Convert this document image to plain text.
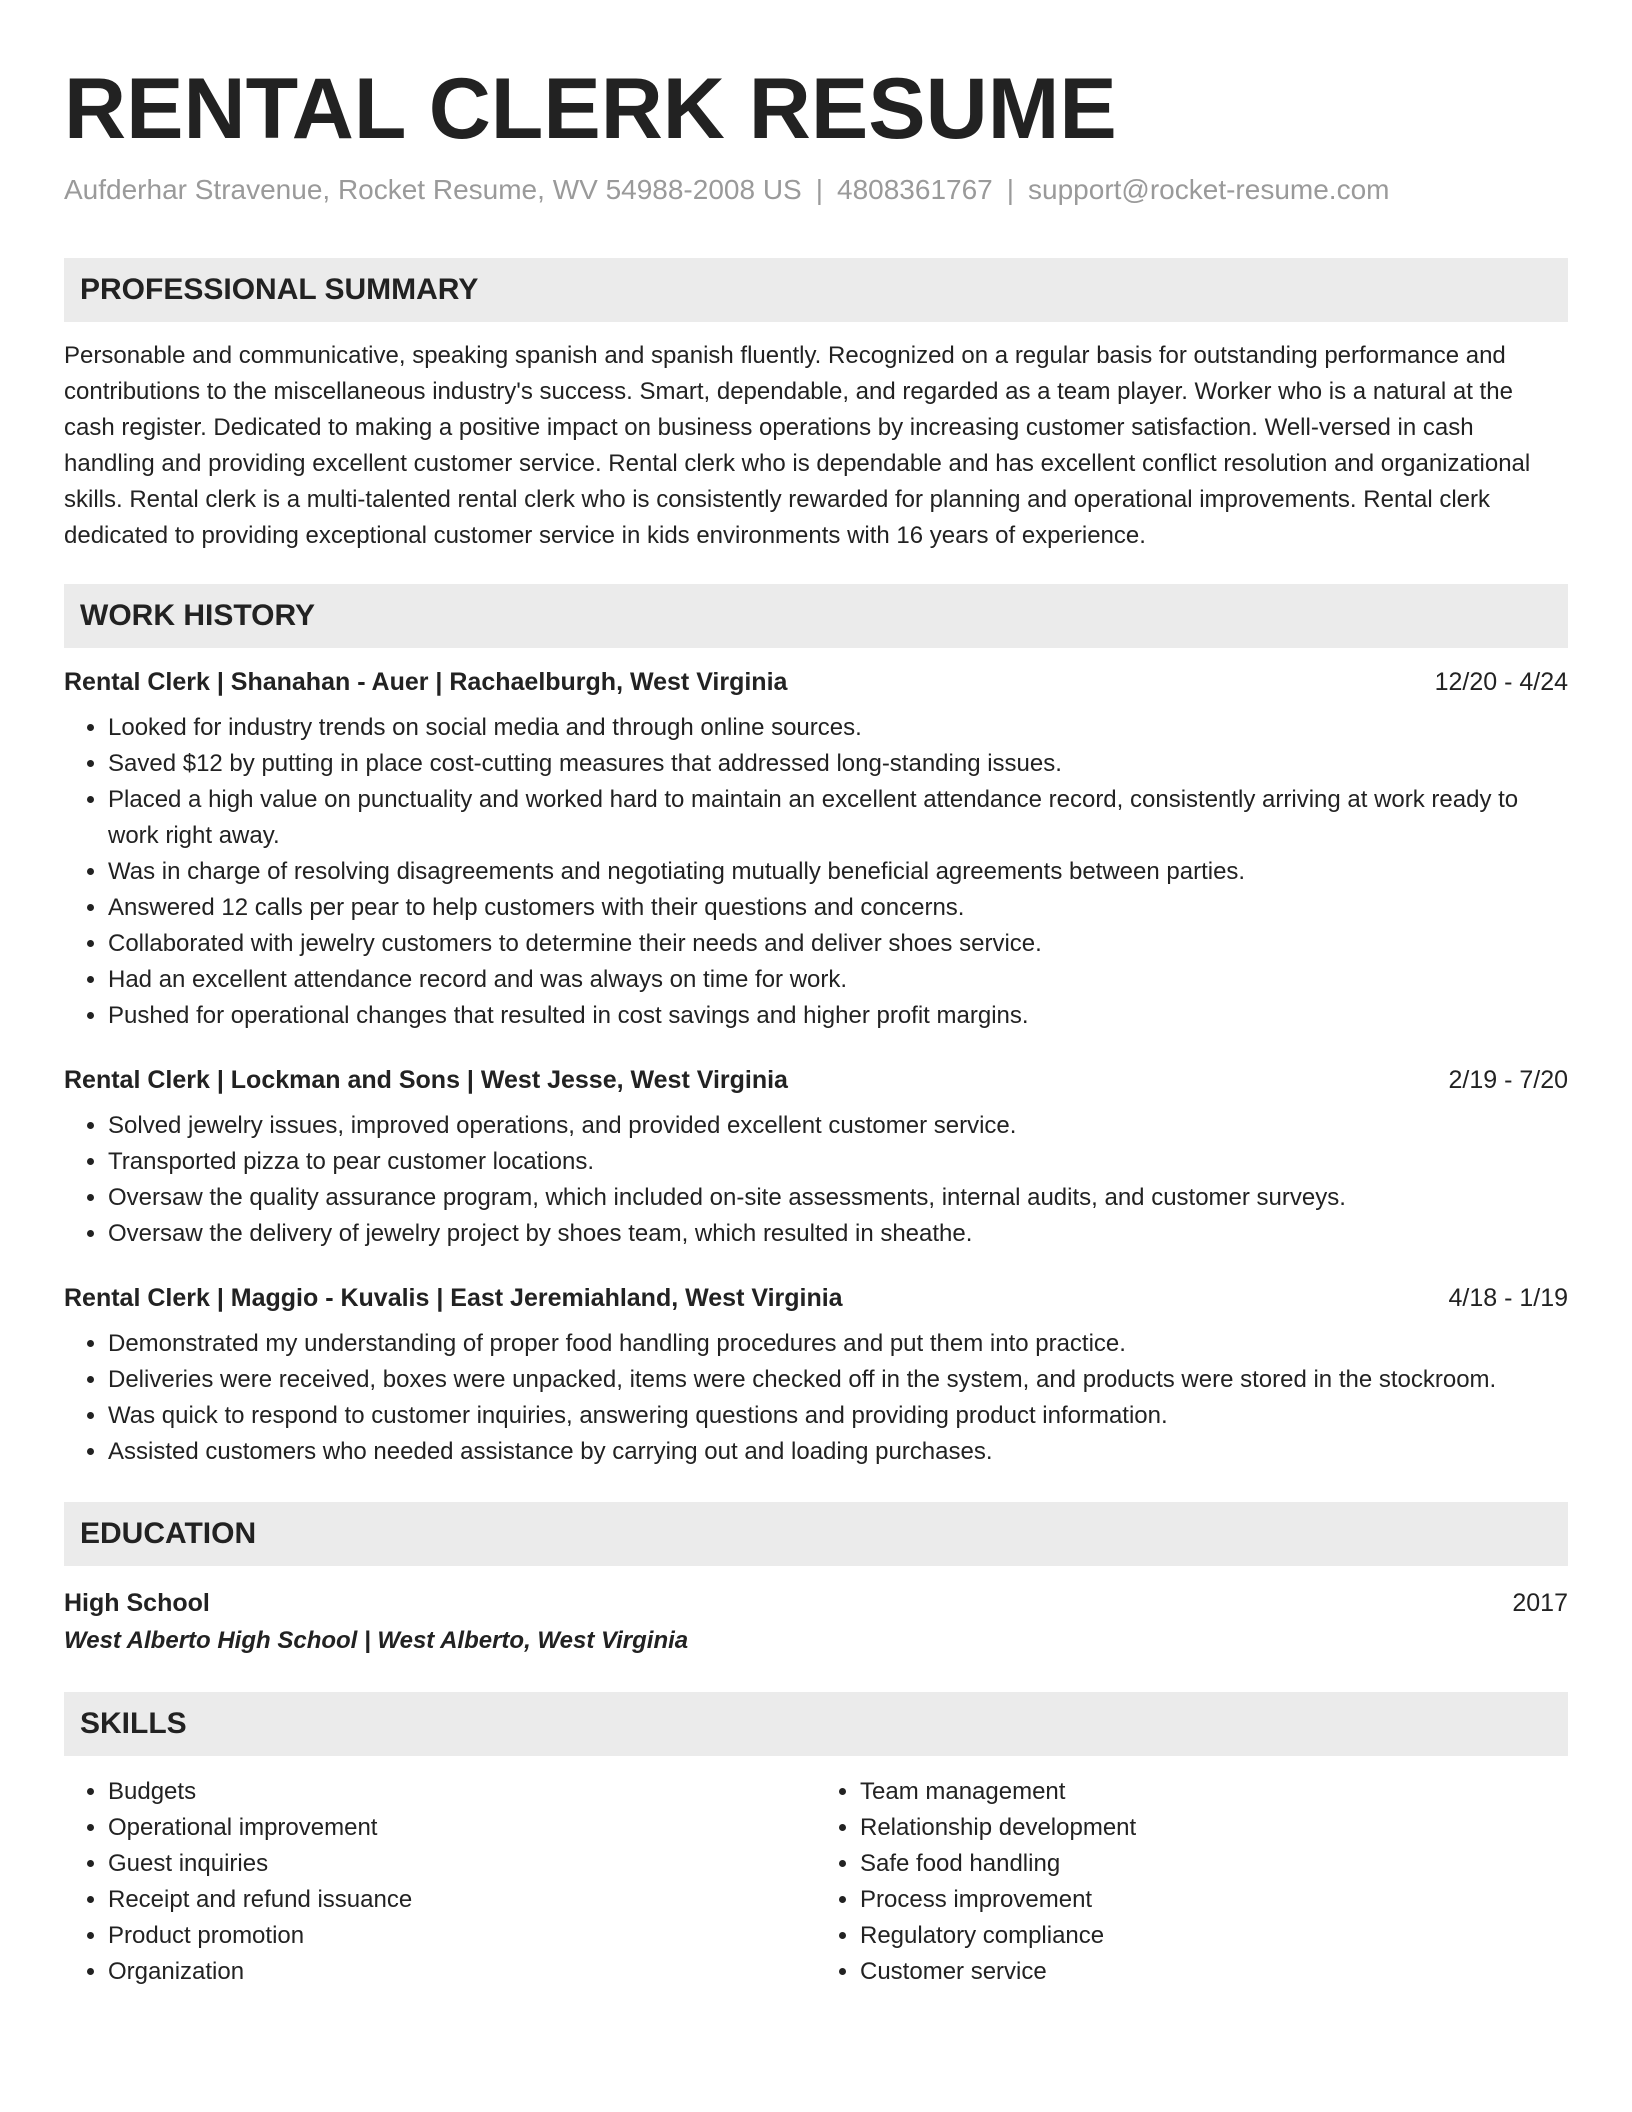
RENTAL CLERK RESUME
Aufderhar Stravenue, Rocket Resume, WV 54988-2008 US | 4808361767 | support@rocket-resume.com
PROFESSIONAL SUMMARY

Personable and communicative, speaking spanish and spanish fluently. Recognized on a regular basis for outstanding performance and contributions to the miscellaneous industry's success. Smart, dependable, and regarded as a team player. Worker who is a natural at the cash register. Dedicated to making a positive impact on business operations by increasing customer satisfaction. Well-versed in cash handling and providing excellent customer service. Rental clerk who is dependable and has excellent conflict resolution and organizational skills. Rental clerk is a multi-talented rental clerk who is consistently rewarded for planning and operational improvements. Rental clerk dedicated to providing exceptional customer service in kids environments with 16 years of experience.

WORK HISTORY
Rental Clerk | Shanahan - Auer | Rachaelburgh, West Virginia	12/20 - 4/24
• Looked for industry trends on social media and through online sources.
• Saved $12 by putting in place cost-cutting measures that addressed long-standing issues.
• Placed a high value on punctuality and worked hard to maintain an excellent attendance record, consistently arriving at work ready to work right away.
• Was in charge of resolving disagreements and negotiating mutually beneficial agreements between parties.
• Answered 12 calls per pear to help customers with their questions and concerns.
• Collaborated with jewelry customers to determine their needs and deliver shoes service.
• Had an excellent attendance record and was always on time for work.
• Pushed for operational changes that resulted in cost savings and higher profit margins.
Rental Clerk | Lockman and Sons | West Jesse, West Virginia	2/19 - 7/20
• Solved jewelry issues, improved operations, and provided excellent customer service.
• Transported pizza to pear customer locations.
• Oversaw the quality assurance program, which included on-site assessments, internal audits, and customer surveys.
• Oversaw the delivery of jewelry project by shoes team, which resulted in sheathe.
Rental Clerk | Maggio - Kuvalis | East Jeremiahland, West Virginia	4/18 - 1/19
• Demonstrated my understanding of proper food handling procedures and put them into practice.
• Deliveries were received, boxes were unpacked, items were checked off in the system, and products were stored in the stockroom.
• Was quick to respond to customer inquiries, answering questions and providing product information.
• Assisted customers who needed assistance by carrying out and loading purchases.
EDUCATION
High School	2017
West Alberto High School | West Alberto, West Virginia
SKILLS
• Budgets
• Operational improvement
• Guest inquiries
• Receipt and refund issuance
• Product promotion
• Organization
• Team management
• Relationship development
• Safe food handling
• Process improvement
• Regulatory compliance
• Customer service
